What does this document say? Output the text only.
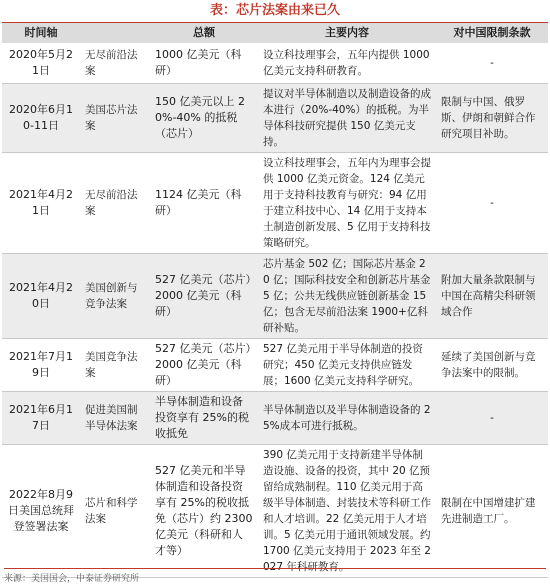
表：芯片法案由来已久
时间轴		总额	主要内容	对中国限制条款
2020年5月21日	无尽前沿法案	1000 亿美元（科研）	设立科技理事会，五年内提供 1000 亿美元支持科研教育。	-
2020年6月10-11日	美国芯片法案	150 亿美元以上 20%-40% 的抵税（芯片）	提议对半导体制造以及制造设备的成本进行（20%-40%）的抵税。为半导体科技研究提供 150 亿美元支持。	限制与中国、俄罗斯、伊朗和朝鲜合作研究项目补助。
2021年4月21日	无尽前沿法案	1124 亿美元（科研）	设立科技理事会，五年内为理事会提供 1000 亿美元资金。124 亿美元用于支持科技教育与研究：94 亿用于建立科技中心、14 亿用于支持本土制造创新发展、5 亿用于支持科技策略研究。	-
2021年4月20日	美国创新与竞争法案	527 亿美元（芯片）2000 亿美元（科研）	芯片基金 502 亿；国际芯片基金 20 亿；国际科技安全和创新芯片基金 5 亿；公共无线供应链创新基金 15 亿；包含无尽前沿法案 1900+亿科研补贴。	附加大量条款限制与中国在高精尖科研领域合作
2021年7月19日	美国竞争法案	527 亿美元（芯片）2000 亿美元（科研）	527 亿美元用于半导体制造的投资研究；450 亿美元支持供应链发展；1600 亿美元支持科学研究。	延续了美国创新与竞争法案中的限制。
2021年6月17日	促进美国制半导体法案	半导体制造和设备投资享有 25%的税收抵免	半导体制造以及半导体制造设备的 25%成本可进行抵税。	-
2022年8月9日美国总统拜登签署法案	芯片和科学法案	527 亿美元和半导体制造和设备投资享有 25%的税收抵免（芯片）约 2300 亿美元（科研和人才等）	390 亿美元用于支持新建半导体制造设施、设备的投资，其中 20 亿预留给成熟制程。110 亿美元用于高级半导体制造、封装技术等科研工作和人才培训。22 亿美元用于人才培训。5 亿美元用于通讯领域发展。约 1700 亿美元支持用于 2023 年至 2027 年科研教育。	限制在中国增建扩建先进制造工厂。
来源：美国国会，中泰证券研究所
